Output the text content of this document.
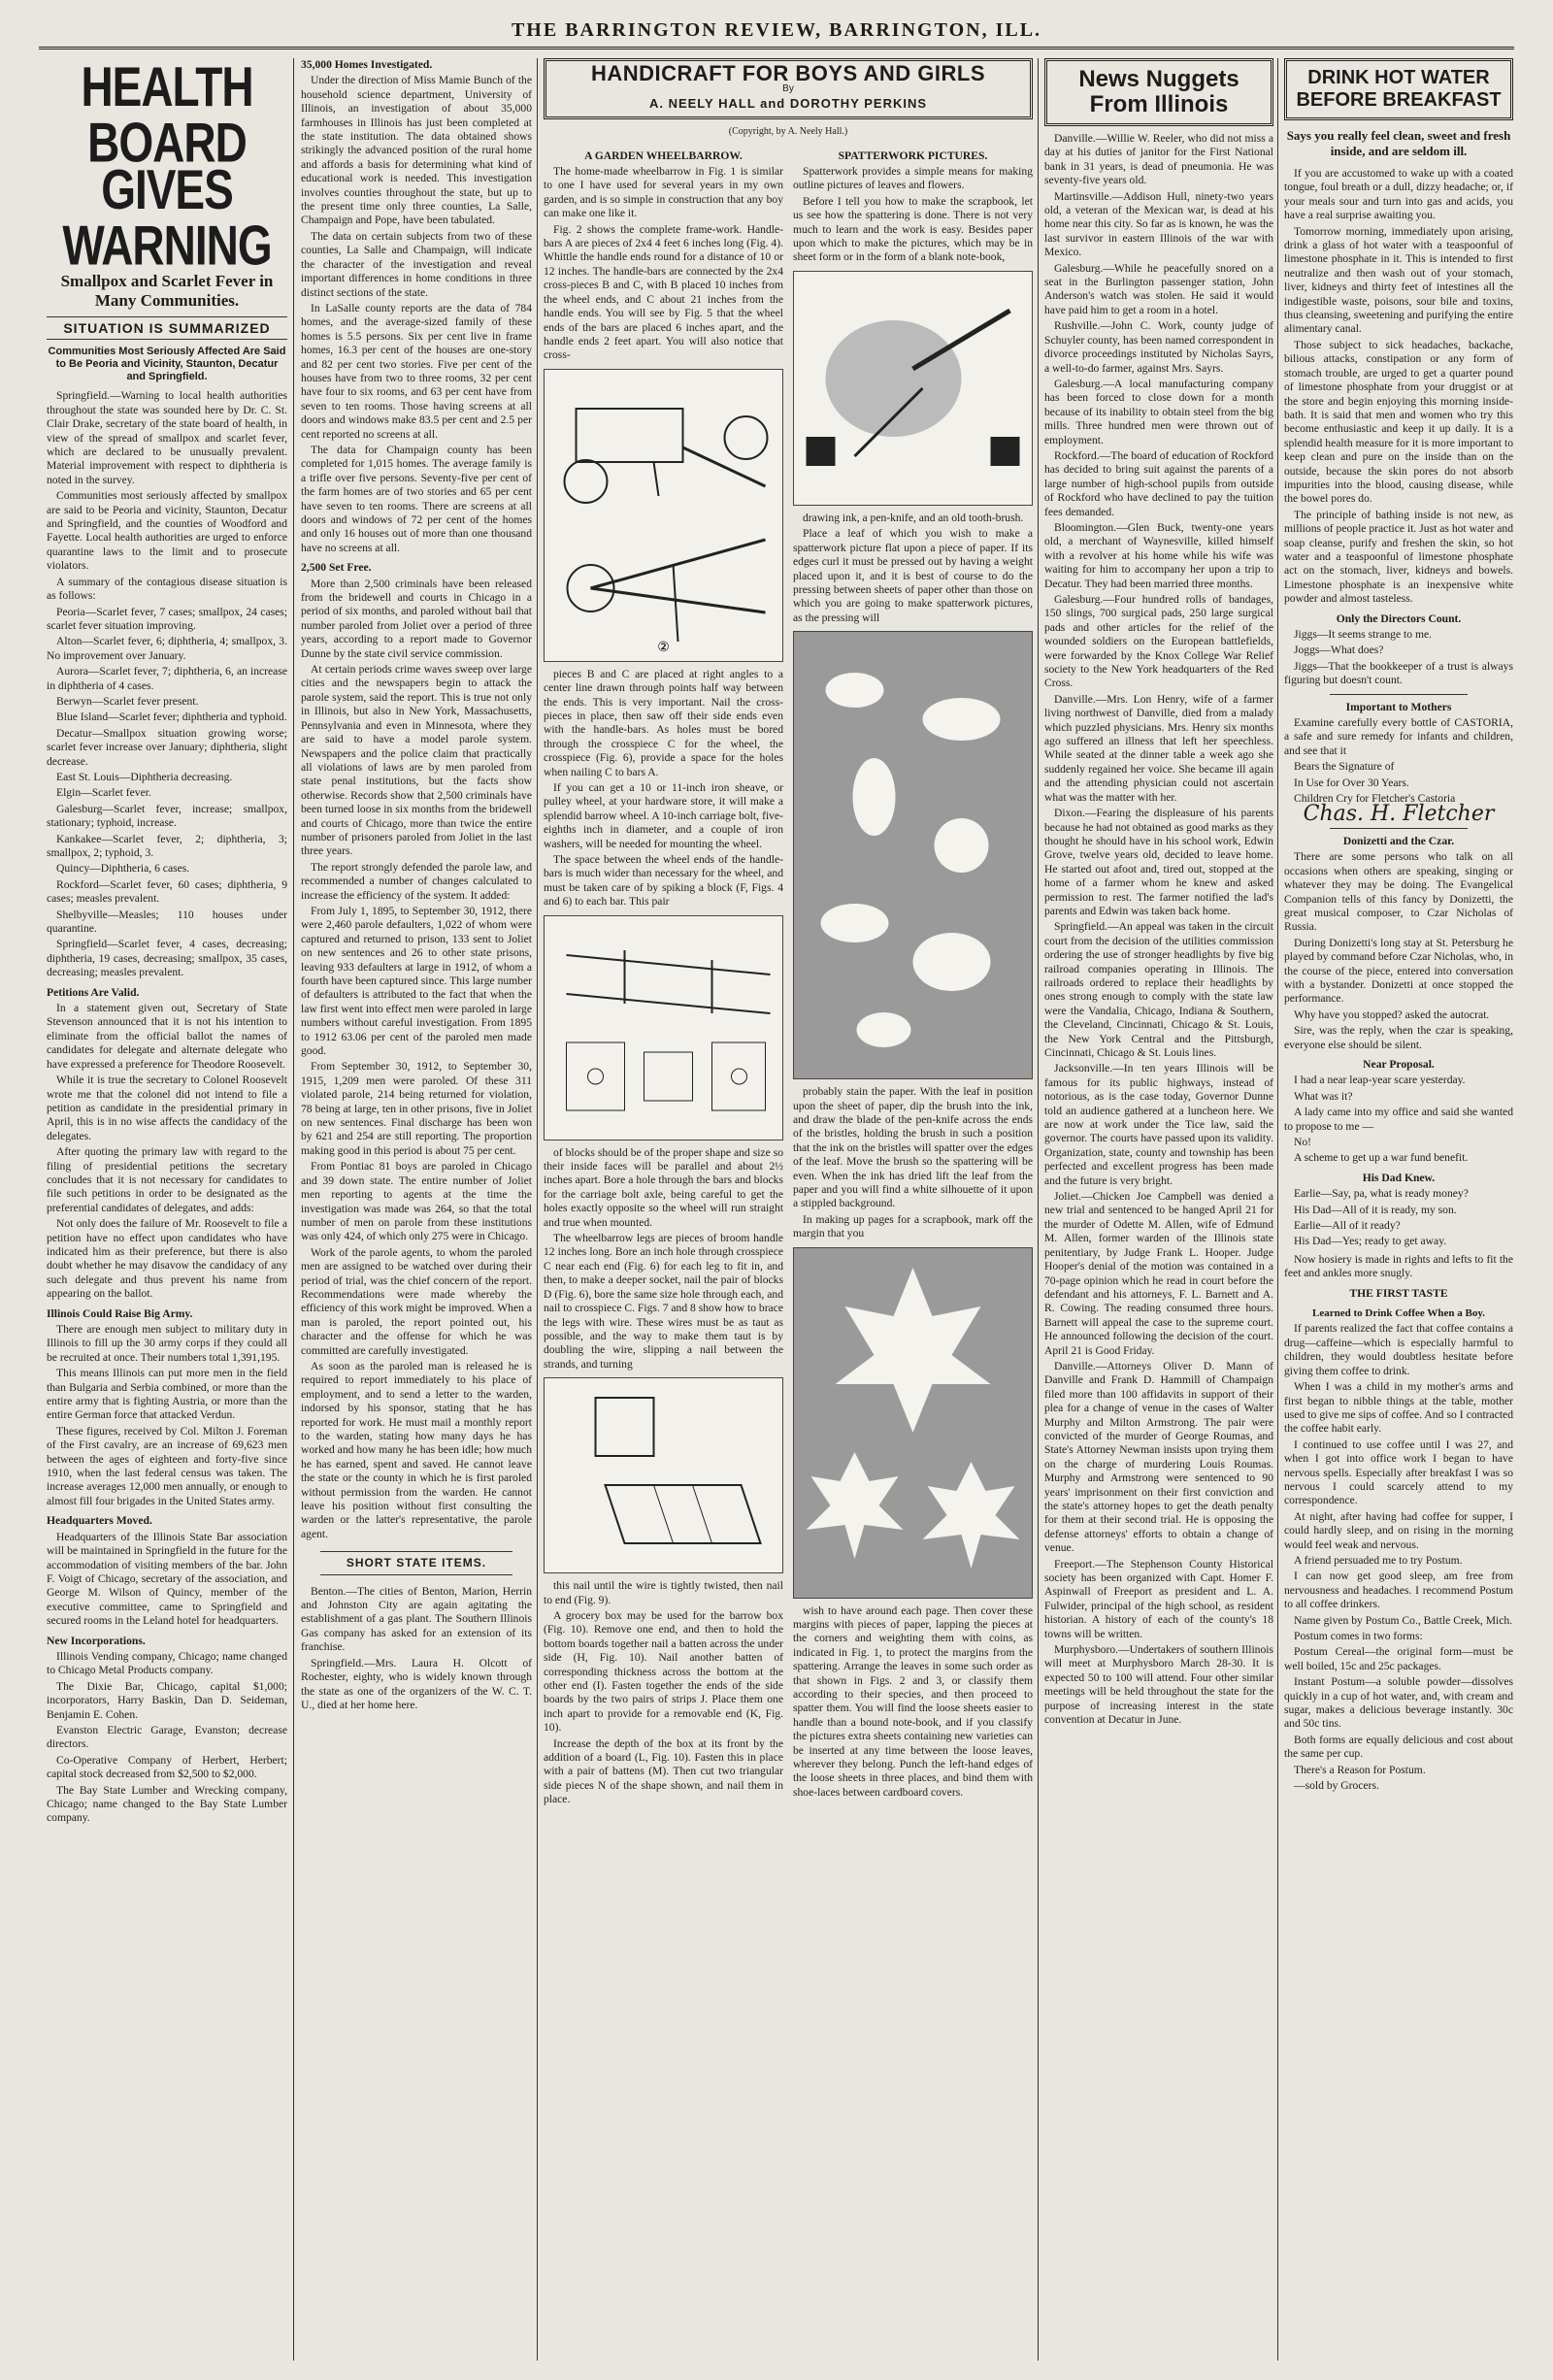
THE BARRINGTON REVIEW, BARRINGTON, ILL.
HEALTH BOARD
GIVES WARNING
Smallpox and Scarlet Fever in Many Communities.
SITUATION IS SUMMARIZED
Communities Most Seriously Affected Are Said to Be Peoria and Vicinity, Staunton, Decatur and Springfield.

Springfield.—Warning to local health authorities throughout the state was sounded here by Dr. C. St. Clair Drake, secretary of the state board of health, in view of the spread of smallpox and scarlet fever, which are declared to be unusually prevalent. Material improvement with respect to diphtheria is noted in the survey.

Communities most seriously affected by smallpox are said to be Peoria and vicinity, Staunton, Decatur and Springfield, and the counties of Woodford and Fayette. Local health authorities are urged to enforce quarantine laws to the limit and to prosecute violators.

A summary of the contagious disease situation is as follows:

Peoria—Scarlet fever, 7 cases; smallpox, 24 cases; scarlet fever situation improving.

Alton—Scarlet fever, 6; diphtheria, 4; smallpox, 3. No improvement over January.

Aurora—Scarlet fever, 7; diphtheria, 6, an increase in diphtheria of 4 cases.

Berwyn—Scarlet fever present.

Blue Island—Scarlet fever; diphtheria and typhoid.

Decatur—Smallpox situation growing worse; scarlet fever increase over January; diphtheria, slight decrease.

East St. Louis—Diphtheria decreasing.

Elgin—Scarlet fever.

Galesburg—Scarlet fever, increase; smallpox, stationary; typhoid, increase.

Kankakee—Scarlet fever, 2; diphtheria, 3; smallpox, 2; typhoid, 3.

Quincy—Diphtheria, 6 cases.

Rockford—Scarlet fever, 60 cases; diphtheria, 9 cases; measles prevalent.

Shelbyville—Measles; 110 houses under quarantine.

Springfield—Scarlet fever, 4 cases, decreasing; diphtheria, 19 cases, decreasing; smallpox, 35 cases, decreasing; measles prevalent.

Petitions Are Valid.

In a statement given out, Secretary of State Stevenson announced that it is not his intention to eliminate from the official ballot the names of candidates for delegate and alternate delegate who have expressed a preference for Theodore Roosevelt.

While it is true the secretary to Colonel Roosevelt wrote me that the colonel did not intend to file a petition as candidate in the presidential primary in April, this is in no wise affects the candidacy of the delegates.

After quoting the primary law with regard to the filing of presidential petitions the secretary concludes that it is not necessary for candidates to file such petitions in order to be designated as the preferential candidates of delegates, and adds:

Not only does the failure of Mr. Roosevelt to file a petition have no effect upon candidates who have indicated him as their preference, but there is also doubt whether he may disavow the candidacy of any such delegate and thus prevent his name from appearing on the ballot.

Illinois Could Raise Big Army.

There are enough men subject to military duty in Illinois to fill up the 30 army corps if they could all be recruited at once. Their numbers total 1,391,195.

This means Illinois can put more men in the field than Bulgaria and Serbia combined, or more than the entire army that is fighting Austria, or more than the entire German force that attacked Verdun.

These figures, received by Col. Milton J. Foreman of the First cavalry, are an increase of 69,623 men between the ages of eighteen and forty-five since 1910, when the last federal census was taken. The increase averages 12,000 men annually, or enough to almost fill four brigades in the United States army.

Headquarters Moved.

Headquarters of the Illinois State Bar association will be maintained in Springfield in the future for the accommodation of visiting members of the bar. John F. Voigt of Chicago, secretary of the association, and George M. Wilson of Quincy, member of the executive committee, came to Springfield and secured rooms in the Leland hotel for headquarters.

New Incorporations.

Illinois Vending company, Chicago; name changed to Chicago Metal Products company.

The Dixie Bar, Chicago, capital $1,000; incorporators, Harry Baskin, Dan D. Seideman, Benjamin E. Cohen.

Evanston Electric Garage, Evanston; decrease directors.

Co-Operative Company of Herbert, Herbert; capital stock decreased from $2,500 to $2,000.

The Bay State Lumber and Wrecking company, Chicago; name changed to the Bay State Lumber company.

35,000 Homes Investigated.

Under the direction of Miss Mamie Bunch of the household science department, University of Illinois, an investigation of about 35,000 farmhouses in Illinois has just been completed at the state institution. The data obtained shows strikingly the advanced position of the rural home and affords a basis for determining what kind of educational work is needed. This investigation involves counties throughout the state, but up to the present time only three counties, La Salle, Champaign and Pope, have been tabulated.

The data on certain subjects from two of these counties, La Salle and Champaign, will indicate the character of the investigation and reveal important differences in home conditions in three distinct sections of the state.

In LaSalle county reports are the data of 784 homes, and the average-sized family of these homes is 5.5 persons. Six per cent live in frame homes, 16.3 per cent of the houses are one-story and 82 per cent two stories. Five per cent of the houses have from two to three rooms, 32 per cent have four to six rooms, and 63 per cent have from seven to ten rooms. Those having screens at all doors and windows make 83.5 per cent and 2.5 per cent reported no screens at all.

The data for Champaign county has been completed for 1,015 homes. The average family is a trifle over five persons. Seventy-five per cent of the farm homes are of two stories and 65 per cent have seven to ten rooms. There are screens at all doors and windows of 72 per cent of the homes and only 16 houses out of more than one thousand have no screens at all.

2,500 Set Free.

More than 2,500 criminals have been released from the bridewell and courts in Chicago in a period of six months, and paroled without bail that number paroled from Joliet over a period of three years, according to a report made to Governor Dunne by the state civil service commission.

At certain periods crime waves sweep over large cities and the newspapers begin to attack the parole system, said the report. This is true not only in Illinois, but also in New York, Massachusetts, Pennsylvania and even in Minnesota, where they are said to have a model parole system. Newspapers and the police claim that practically all violations of laws are by men paroled from state penal institutions, but the facts show otherwise. Records show that 2,500 criminals have been turned loose in six months from the bridewell and courts of Chicago, more than twice the entire number of prisoners paroled from Joliet in the last three years.

The report strongly defended the parole law, and recommended a number of changes calculated to increase the efficiency of the system. It added:

From July 1, 1895, to September 30, 1912, there were 2,460 parole defaulters, 1,022 of whom were captured and returned to prison, 133 sent to Joliet on new sentences and 26 to other state prisons, leaving 933 defaulters at large in 1912, of whom a fourth have been captured since. This large number of defaulters is attributed to the fact that when the law first went into effect men were paroled in large numbers without careful investigation. From 1895 to 1912 63.06 per cent of the paroled men made good.

From September 30, 1912, to September 30, 1915, 1,209 men were paroled. Of these 311 violated parole, 214 being returned for violation, 78 being at large, ten in other prisons, five in Joliet on new sentences. Final discharge has been won by 621 and 254 are still reporting. The proportion making good in this period is about 75 per cent.

From Pontiac 81 boys are paroled in Chicago and 39 down state. The entire number of Joliet men reporting to agents at the time the investigation was made was 264, so that the total number of men on parole from these institutions was only 424, of which only 275 were in Chicago.

Work of the parole agents, to whom the paroled men are assigned to be watched over during their period of trial, was the chief concern of the report. Recommendations were made whereby the efficiency of this work might be improved. When a man is paroled, the report pointed out, his character and the offense for which he was committed are carefully investigated.

As soon as the paroled man is released he is required to report immediately to his place of employment, and to send a letter to the warden, indorsed by his sponsor, stating that he has reported for work. He must mail a monthly report to the warden, stating how many days he has worked and how many he has been idle; how much he has earned, spent and saved. He cannot leave the state or the county in which he is first paroled without permission from the warden. He cannot leave his position without first consulting the warden or the latter's representative, the parole agent.

SHORT STATE ITEMS.

Benton.—The cities of Benton, Marion, Herrin and Johnston City are again agitating the establishment of a gas plant. The Southern Illinois Gas company has asked for an extension of its franchise.

Springfield.—Mrs. Laura H. Olcott of Rochester, eighty, who is widely known through the state as one of the organizers of the W. C. T. U., died at her home here.

HANDICRAFT FOR BOYS AND GIRLS
By
A. NEELY HALL and DOROTHY PERKINS
(Copyright, by A. Neely Hall.)
A GARDEN WHEELBARROW.

The home-made wheelbarrow in Fig. 1 is similar to one I have used for several years in my own garden, and is so simple in construction that any boy can make one like it.

Fig. 2 shows the complete frame-work. Handle-bars A are pieces of 2x4 4 feet 6 inches long (Fig. 4). Whittle the handle ends round for a distance of 10 or 12 inches. The handle-bars are connected by the 2x4 cross-pieces B and C, with B placed 10 inches from the wheel ends, and C about 21 inches from the handle ends. You will see by Fig. 5 that the wheel ends of the bars are placed 6 inches apart, and the handle ends 2 feet apart. You will also notice that cross-

②

pieces B and C are placed at right angles to a center line drawn through points half way between the ends. This is very important. Nail the cross-pieces in place, then saw off their side ends even with the handle-bars. As holes must be bored through the crosspiece C for the wheel, the crosspiece (Fig. 6), provide a space for the holes when nailing C to bars A.

If you can get a 10 or 11-inch iron sheave, or pulley wheel, at your hardware store, it will make a splendid barrow wheel. A 10-inch carriage bolt, five-eighths inch in diameter, and a couple of iron washers, will be needed for mounting the wheel.

The space between the wheel ends of the handle-bars is much wider than necessary for the wheel, and must be taken care of by spiking a block (F, Figs. 4 and 6) to each bar. This pair

of blocks should be of the proper shape and size so their inside faces will be parallel and about 2½ inches apart. Bore a hole through the bars and blocks for the carriage bolt axle, being careful to get the holes exactly opposite so the wheel will run straight and true when mounted.

The wheelbarrow legs are pieces of broom handle 12 inches long. Bore an inch hole through crosspiece C near each end (Fig. 6) for each leg to fit in, and then, to make a deeper socket, nail the pair of blocks D (Fig. 6), bore the same size hole through each, and nail to crosspiece C. Figs. 7 and 8 show how to brace the legs with wire. These wires must be as taut as possible, and the way to make them taut is by doubling the wire, slipping a nail between the strands, and turning

this nail until the wire is tightly twisted, then nail to end (Fig. 9).

A grocery box may be used for the barrow box (Fig. 10). Remove one end, and then to hold the bottom boards together nail a batten across the under side (H, Fig. 10). Nail another batten of corresponding thickness across the bottom at the other end (I). Fasten together the ends of the side boards by the two pairs of strips J. Place them one inch apart to provide for a removable end (K, Fig. 10).

Increase the depth of the box at its front by the addition of a board (L, Fig. 10). Fasten this in place with a pair of battens (M). Then cut two triangular side pieces N of the shape shown, and nail them in place.

SPATTERWORK PICTURES.

Spatterwork provides a simple means for making outline pictures of leaves and flowers.

Before I tell you how to make the scrapbook, let us see how the spattering is done. There is not very much to learn and the work is easy. Besides paper upon which to make the pictures, which may be in sheet form or in the form of a blank note-book,

drawing ink, a pen-knife, and an old tooth-brush.

Place a leaf of which you wish to make a spatterwork picture flat upon a piece of paper. If its edges curl it must be pressed out by having a weight placed upon it, and it is best of course to do the pressing between sheets of paper other than those on which you are going to make spatterwork pictures, as the pressing will

probably stain the paper. With the leaf in position upon the sheet of paper, dip the brush into the ink, and draw the blade of the pen-knife across the ends of the bristles, holding the brush in such a position that the ink on the bristles will spatter over the edges of the leaf. Move the brush so the spattering will be even. When the ink has dried lift the leaf from the paper and you will find a white silhouette of it upon a stippled background.

In making up pages for a scrapbook, mark off the margin that you

wish to have around each page. Then cover these margins with pieces of paper, lapping the pieces at the corners and weighting them with coins, as indicated in Fig. 1, to protect the margins from the spattering. Arrange the leaves in some such order as that shown in Figs. 2 and 3, or classify them according to their species, and then proceed to spatter them. You will find the loose sheets easier to handle than a bound note-book, and if you classify the pictures extra sheets containing new varieties can be inserted at any time between the loose leaves, wherever they belong. Punch the left-hand edges of the loose sheets in three places, and bind them with shoe-laces between cardboard covers.

News Nuggets
From Illinois

Danville.—Willie W. Reeler, who did not miss a day at his duties of janitor for the First National bank in 31 years, is dead of pneumonia. He was seventy-five years old.

Martinsville.—Addison Hull, ninety-two years old, a veteran of the Mexican war, is dead at his home near this city. So far as is known, he was the last survivor in eastern Illinois of the war with Mexico.

Galesburg.—While he peacefully snored on a seat in the Burlington passenger station, John Anderson's watch was stolen. He said it would have paid him to get a room in a hotel.

Rushville.—John C. Work, county judge of Schuyler county, has been named correspondent in divorce proceedings instituted by Nicholas Sayrs, a well-to-do farmer, against Mrs. Sayrs.

Galesburg.—A local manufacturing company has been forced to close down for a month because of its inability to obtain steel from the big mills. Three hundred men were thrown out of employment.

Rockford.—The board of education of Rockford has decided to bring suit against the parents of a large number of high-school pupils from outside of Rockford who have declined to pay the tuition fees demanded.

Bloomington.—Glen Buck, twenty-one years old, a merchant of Waynesville, killed himself with a revolver at his home while his wife was waiting for him to accompany her upon a trip to Decatur. They had been married three months.

Galesburg.—Four hundred rolls of bandages, 150 slings, 700 surgical pads, 250 large surgical pads and other articles for the relief of the wounded soldiers on the European battlefields, were forwarded by the Knox College War Relief society to the New York headquarters of the Red Cross.

Danville.—Mrs. Lon Henry, wife of a farmer living northwest of Danville, died from a malady which puzzled physicians. Mrs. Henry six months ago suffered an illness that left her speechless. While seated at the dinner table a week ago she suddenly regained her voice. She became ill again and the attending physician could not ascertain what was the matter with her.

Dixon.—Fearing the displeasure of his parents because he had not obtained as good marks as they thought he should have in his school work, Edwin Grove, twelve years old, decided to leave home. He started out afoot and, tired out, stopped at the home of a farmer whom he knew and asked permission to rest. The farmer notified the lad's parents and Edwin was taken back home.

Springfield.—An appeal was taken in the circuit court from the decision of the utilities commission ordering the use of stronger headlights by five big railroad companies operating in Illinois. The railroads ordered to replace their headlights by ones strong enough to comply with the state law were the Vandalia, Chicago, Indiana & Southern, the Cleveland, Cincinnati, Chicago & St. Louis, the New York Central and the Pittsburgh, Cincinnati, Chicago & St. Louis lines.

Jacksonville.—In ten years Illinois will be famous for its public highways, instead of notorious, as is the case today, Governor Dunne told an audience gathered at a luncheon here. We are now at work under the Tice law, said the governor. The courts have passed upon its validity. Organization, state, county and township has been perfected and excellent progress has been made and the future is very bright.

Joliet.—Chicken Joe Campbell was denied a new trial and sentenced to be hanged April 21 for the murder of Odette M. Allen, wife of Edmund M. Allen, former warden of the Illinois state penitentiary, by Judge Frank L. Hooper. Judge Hooper's denial of the motion was contained in a 70-page opinion which he read in court before the defendant and his attorneys, F. L. Barnett and A. R. Cowing. The reading consumed three hours. Barnett will appeal the case to the supreme court. He announced following the decision of the court. April 21 is Good Friday.

Danville.—Attorneys Oliver D. Mann of Danville and Frank D. Hammill of Champaign filed more than 100 affidavits in support of their plea for a change of venue in the cases of Walter Murphy and Milton Armstrong. The pair were convicted of the murder of George Roumas, and State's Attorney Newman insists upon trying them on the charge of murdering Louis Roumas. Murphy and Armstrong were sentenced to 90 years' imprisonment on their first conviction and the state's attorney hopes to get the death penalty for them at their second trial. He is opposing the defense attorneys' efforts to obtain a change of venue.

Freeport.—The Stephenson County Historical society has been organized with Capt. Homer F. Aspinwall of Freeport as president and L. A. Fulwider, principal of the high school, as resident historian. A history of each of the county's 18 towns will be written.

Murphysboro.—Undertakers of southern Illinois will meet at Murphysboro March 28-30. It is expected 50 to 100 will attend. Four other similar meetings will be held throughout the state for the purpose of increasing interest in the state convention at Decatur in June.

DRINK HOT WATER
BEFORE BREAKFAST
Says you really feel clean, sweet and fresh inside, and are seldom ill.

If you are accustomed to wake up with a coated tongue, foul breath or a dull, dizzy headache; or, if your meals sour and turn into gas and acids, you have a real surprise awaiting you.

Tomorrow morning, immediately upon arising, drink a glass of hot water with a teaspoonful of limestone phosphate in it. This is intended to first neutralize and then wash out of your stomach, liver, kidneys and thirty feet of intestines all the indigestible waste, poisons, sour bile and toxins, thus cleansing, sweetening and purifying the entire alimentary canal.

Those subject to sick headaches, backache, bilious attacks, constipation or any form of stomach trouble, are urged to get a quarter pound of limestone phosphate from your druggist or at the store and begin enjoying this morning inside-bath. It is said that men and women who try this become enthusiastic and keep it up daily. It is a splendid health measure for it is more important to keep clean and pure on the inside than on the outside, because the skin pores do not absorb impurities into the blood, causing disease, while the bowel pores do.

The principle of bathing inside is not new, as millions of people practice it. Just as hot water and soap cleanse, purify and freshen the skin, so hot water and a teaspoonful of limestone phosphate act on the stomach, liver, kidneys and bowels. Limestone phosphate is an inexpensive white powder and almost tasteless.

Only the Directors Count.

Jiggs—It seems strange to me.

Joggs—What does?

Jiggs—That the bookkeeper of a trust is always figuring but doesn't count.

Important to Mothers

Examine carefully every bottle of CASTORIA, a safe and sure remedy for infants and children, and see that it

Bears the Signature of

In Use for Over 30 Years.

Children Cry for Fletcher's Castoria

Chas. H. Fletcher
Donizetti and the Czar.

There are some persons who talk on all occasions when others are speaking, singing or whatever they may be doing. The Evangelical Companion tells of this fancy by Donizetti, the great musical composer, to Czar Nicholas of Russia.

During Donizetti's long stay at St. Petersburg he played by command before Czar Nicholas, who, in the course of the piece, entered into conversation with a bystander. Donizetti at once stopped the performance.

Why have you stopped? asked the autocrat.

Sire, was the reply, when the czar is speaking, everyone else should be silent.

Near Proposal.

I had a near leap-year scare yesterday.

What was it?

A lady came into my office and said she wanted to propose to me —

No!

A scheme to get up a war fund benefit.

His Dad Knew.

Earlie—Say, pa, what is ready money?

His Dad—All of it is ready, my son.

Earlie—All of it ready?

His Dad—Yes; ready to get away.

Now hosiery is made in rights and lefts to fit the feet and ankles more snugly.

THE FIRST TASTE
Learned to Drink Coffee When a Boy.

If parents realized the fact that coffee contains a drug—caffeine—which is especially harmful to children, they would doubtless hesitate before giving them coffee to drink.

When I was a child in my mother's arms and first began to nibble things at the table, mother used to give me sips of coffee. And so I contracted the coffee habit early.

I continued to use coffee until I was 27, and when I got into office work I began to have nervous spells. Especially after breakfast I was so nervous I could scarcely attend to my correspondence.

At night, after having had coffee for supper, I could hardly sleep, and on rising in the morning would feel weak and nervous.

A friend persuaded me to try Postum.

I can now get good sleep, am free from nervousness and headaches. I recommend Postum to all coffee drinkers.

Name given by Postum Co., Battle Creek, Mich.

Postum comes in two forms:

Postum Cereal—the original form—must be well boiled, 15c and 25c packages.

Instant Postum—a soluble powder—dissolves quickly in a cup of hot water, and, with cream and sugar, makes a delicious beverage instantly. 30c and 50c tins.

Both forms are equally delicious and cost about the same per cup.

There's a Reason for Postum.

—sold by Grocers.
